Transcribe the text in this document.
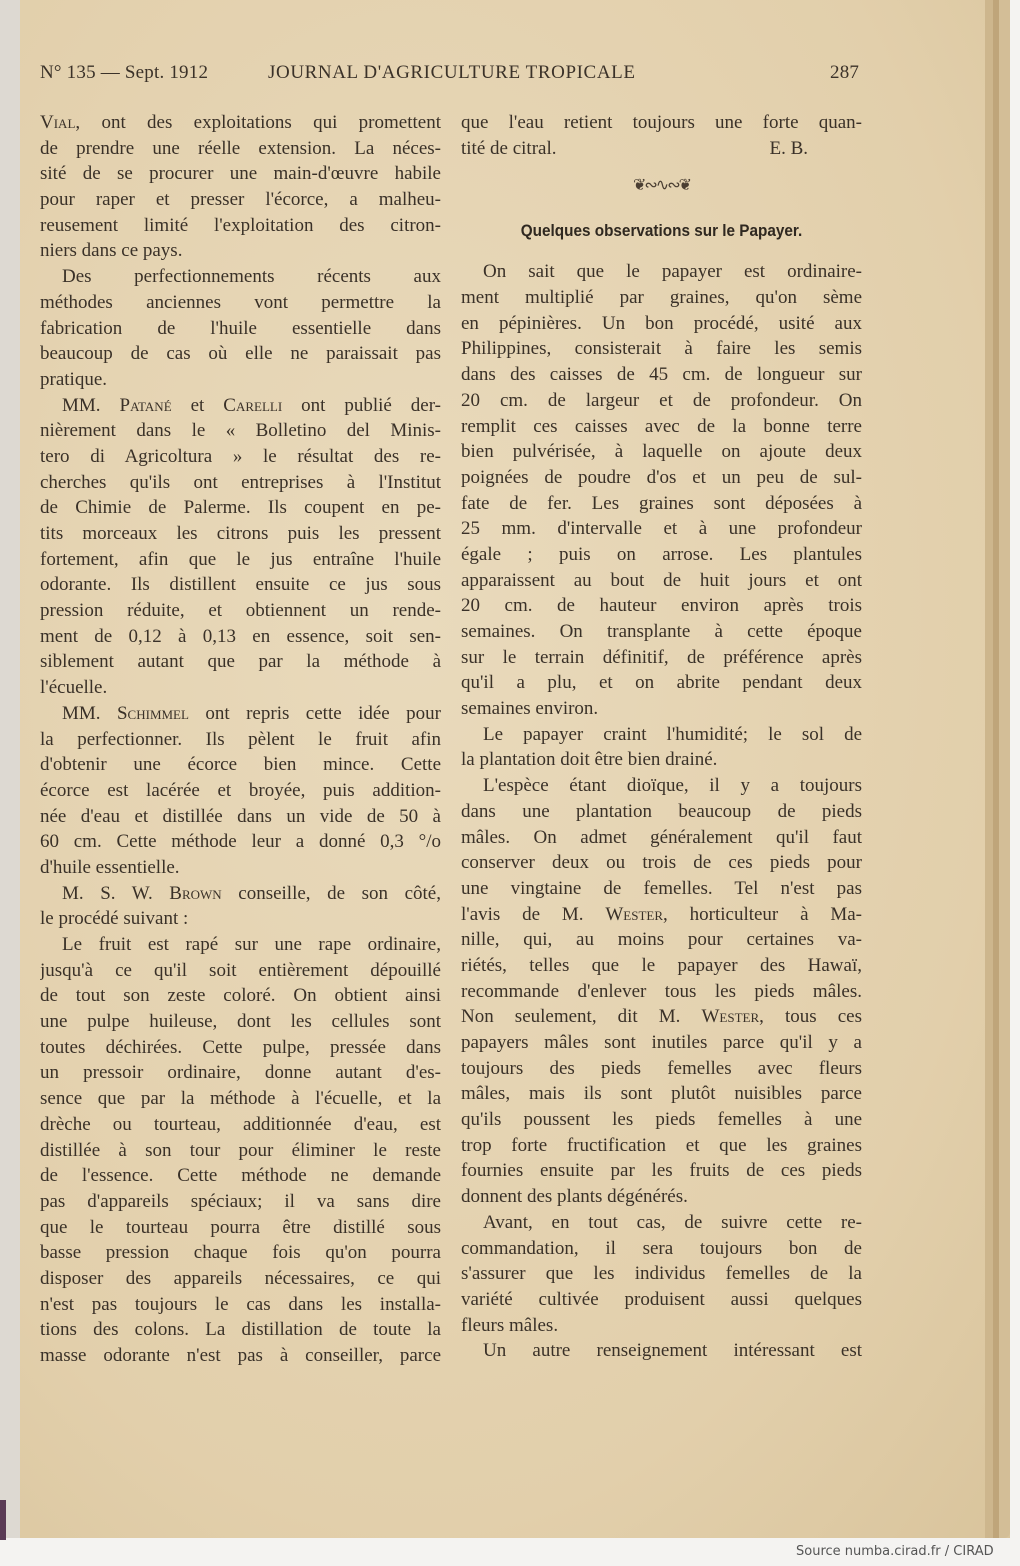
N° 135 — Sept. 1912	JOURNAL D'AGRICULTURE TROPICALE	287
Vial, ont des exploitations qui promettent
de prendre une réelle extension. La néces-
sité de se procurer une main-d'œuvre habile
pour raper et presser l'écorce, a malheu-
reusement limité l'exploitation des citron-
niers dans ce pays.
Des perfectionnements récents aux
méthodes anciennes vont permettre la
fabrication de l'huile essentielle dans
beaucoup de cas où elle ne paraissait pas
pratique.
MM. Patané et Carelli ont publié der-
nièrement dans le « Bolletino del Minis-
tero di Agricoltura » le résultat des re-
cherches qu'ils ont entreprises à l'Institut
de Chimie de Palerme. Ils coupent en pe-
tits morceaux les citrons puis les pressent
fortement, afin que le jus entraîne l'huile
odorante. Ils distillent ensuite ce jus sous
pression réduite, et obtiennent un rende-
ment de 0,12 à 0,13 en essence, soit sen-
siblement autant que par la méthode à
l'écuelle.
MM. Schimmel ont repris cette idée pour
la perfectionner. Ils pèlent le fruit afin
d'obtenir une écorce bien mince. Cette
écorce est lacérée et broyée, puis addition-
née d'eau et distillée dans un vide de 50 à
60 cm. Cette méthode leur a donné 0,3 °/o
d'huile essentielle.
M. S. W. Brown conseille, de son côté,
le procédé suivant :
Le fruit est rapé sur une rape ordinaire,
jusqu'à ce qu'il soit entièrement dépouillé
de tout son zeste coloré. On obtient ainsi
une pulpe huileuse, dont les cellules sont
toutes déchirées. Cette pulpe, pressée dans
un pressoir ordinaire, donne autant d'es-
sence que par la méthode à l'écuelle, et la
drèche ou tourteau, additionnée d'eau, est
distillée à son tour pour éliminer le reste
de l'essence. Cette méthode ne demande
pas d'appareils spéciaux; il va sans dire
que le tourteau pourra être distillé sous
basse pression chaque fois qu'on pourra
disposer des appareils nécessaires, ce qui
n'est pas toujours le cas dans les installa-
tions des colons. La distillation de toute la
masse odorante n'est pas à conseiller, parce
que l'eau retient toujours une forte quan-
tité de citral.	E. B.
❦∾∿∾❦
Quelques observations sur le Papayer.
On sait que le papayer est ordinaire-
ment multiplié par graines, qu'on sème
en pépinières. Un bon procédé, usité aux
Philippines, consisterait à faire les semis
dans des caisses de 45 cm. de longueur sur
20 cm. de largeur et de profondeur. On
remplit ces caisses avec de la bonne terre
bien pulvérisée, à laquelle on ajoute deux
poignées de poudre d'os et un peu de sul-
fate de fer. Les graines sont déposées à
25 mm. d'intervalle et à une profondeur
égale ; puis on arrose. Les plantules
apparaissent au bout de huit jours et ont
20 cm. de hauteur environ après trois
semaines. On transplante à cette époque
sur le terrain définitif, de préférence après
qu'il a plu, et on abrite pendant deux
semaines environ.
Le papayer craint l'humidité; le sol de
la plantation doit être bien drainé.
L'espèce étant dioïque, il y a toujours
dans une plantation beaucoup de pieds
mâles. On admet généralement qu'il faut
conserver deux ou trois de ces pieds pour
une vingtaine de femelles. Tel n'est pas
l'avis de M. Wester, horticulteur à Ma-
nille, qui, au moins pour certaines va-
riétés, telles que le papayer des Hawaï,
recommande d'enlever tous les pieds mâles.
Non seulement, dit M. Wester, tous ces
papayers mâles sont inutiles parce qu'il y a
toujours des pieds femelles avec fleurs
mâles, mais ils sont plutôt nuisibles parce
qu'ils poussent les pieds femelles à une
trop forte fructification et que les graines
fournies ensuite par les fruits de ces pieds
donnent des plants dégénérés.
Avant, en tout cas, de suivre cette re-
commandation, il sera toujours bon de
s'assurer que les individus femelles de la
variété cultivée produisent aussi quelques
fleurs mâles.
Un autre renseignement intéressant est
Source numba.cirad.fr / CIRAD
